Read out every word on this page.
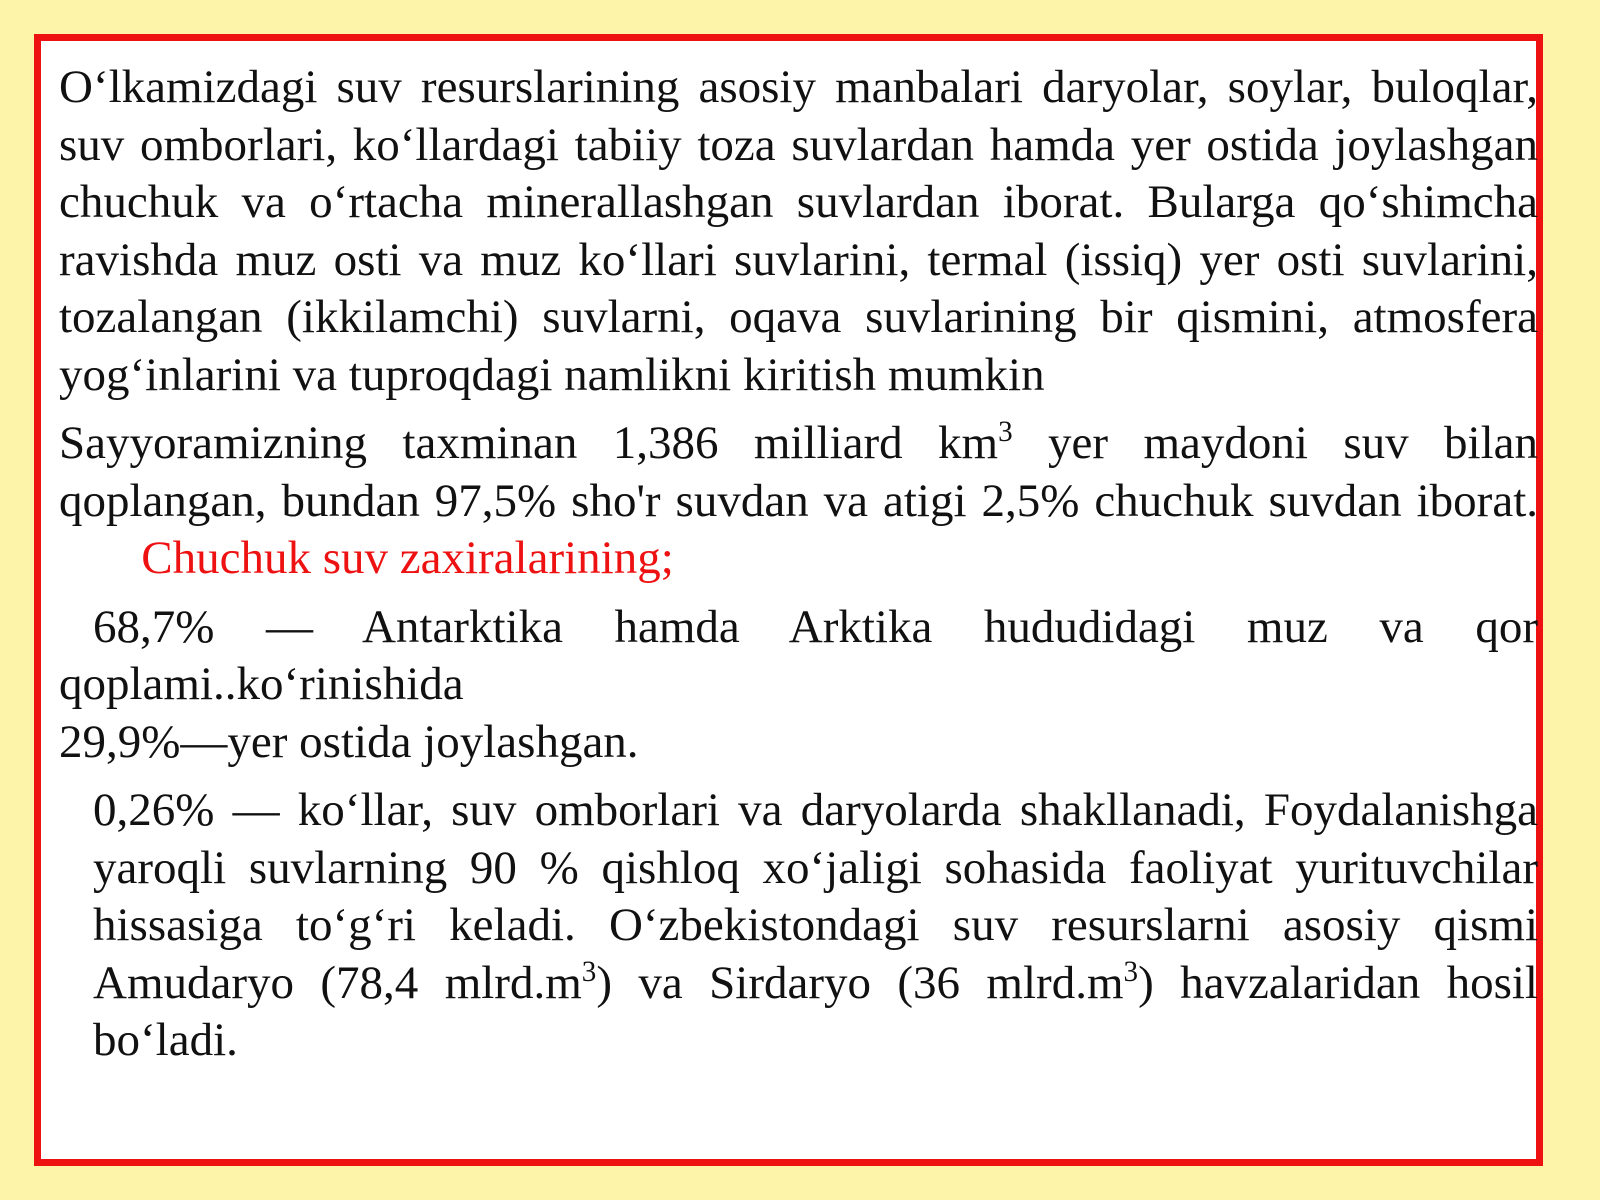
O‘lkamizdagi suv resurslarining asosiy manbalari daryolar, soylar, buloqlar, suv omborlari, ko‘llardagi tabiiy toza suvlardan hamda yer ostida joylashgan chuchuk va o‘rtacha minerallashgan suvlardan iborat. Bularga qo‘shimcha ravishda muz osti va muz ko‘llari suvlarini, termal (issiq) yer osti suvlarini, tozalangan (ikkilamchi) suvlarni, oqava suvlarining bir qismini, atmosfera yog‘inlarini va tuproqdagi namlikni kiritish mumkin

Sayyoramizning taxminan 1,386 milliard $km^3$ yer maydoni suv bilan qoplangan, bundan 97,5% sho'r suvdan va atigi 2,5% chuchuk suvdan iborat.       Chuchuk suv zaxiralarining;

68,7% — Antarktika hamda Arktika hududidagi muz va qor

qoplami..ko‘rinishida
29,9%—yer ostida joylashgan.

0,26% — ko‘llar, suv omborlari va daryolarda shakllanadi, Foydalanishga yaroqli suvlarning 90 % qishloq xo‘jaligi sohasida faoliyat yurituvchilar hissasiga to‘g‘ri keladi. O‘zbekistondagi suv resurslarni asosiy qismi Amudaryo (78,4 $mlrd.m^3$) va Sirdaryo (36 $mlrd.m^3$) havzalaridan hosil bo‘ladi.
